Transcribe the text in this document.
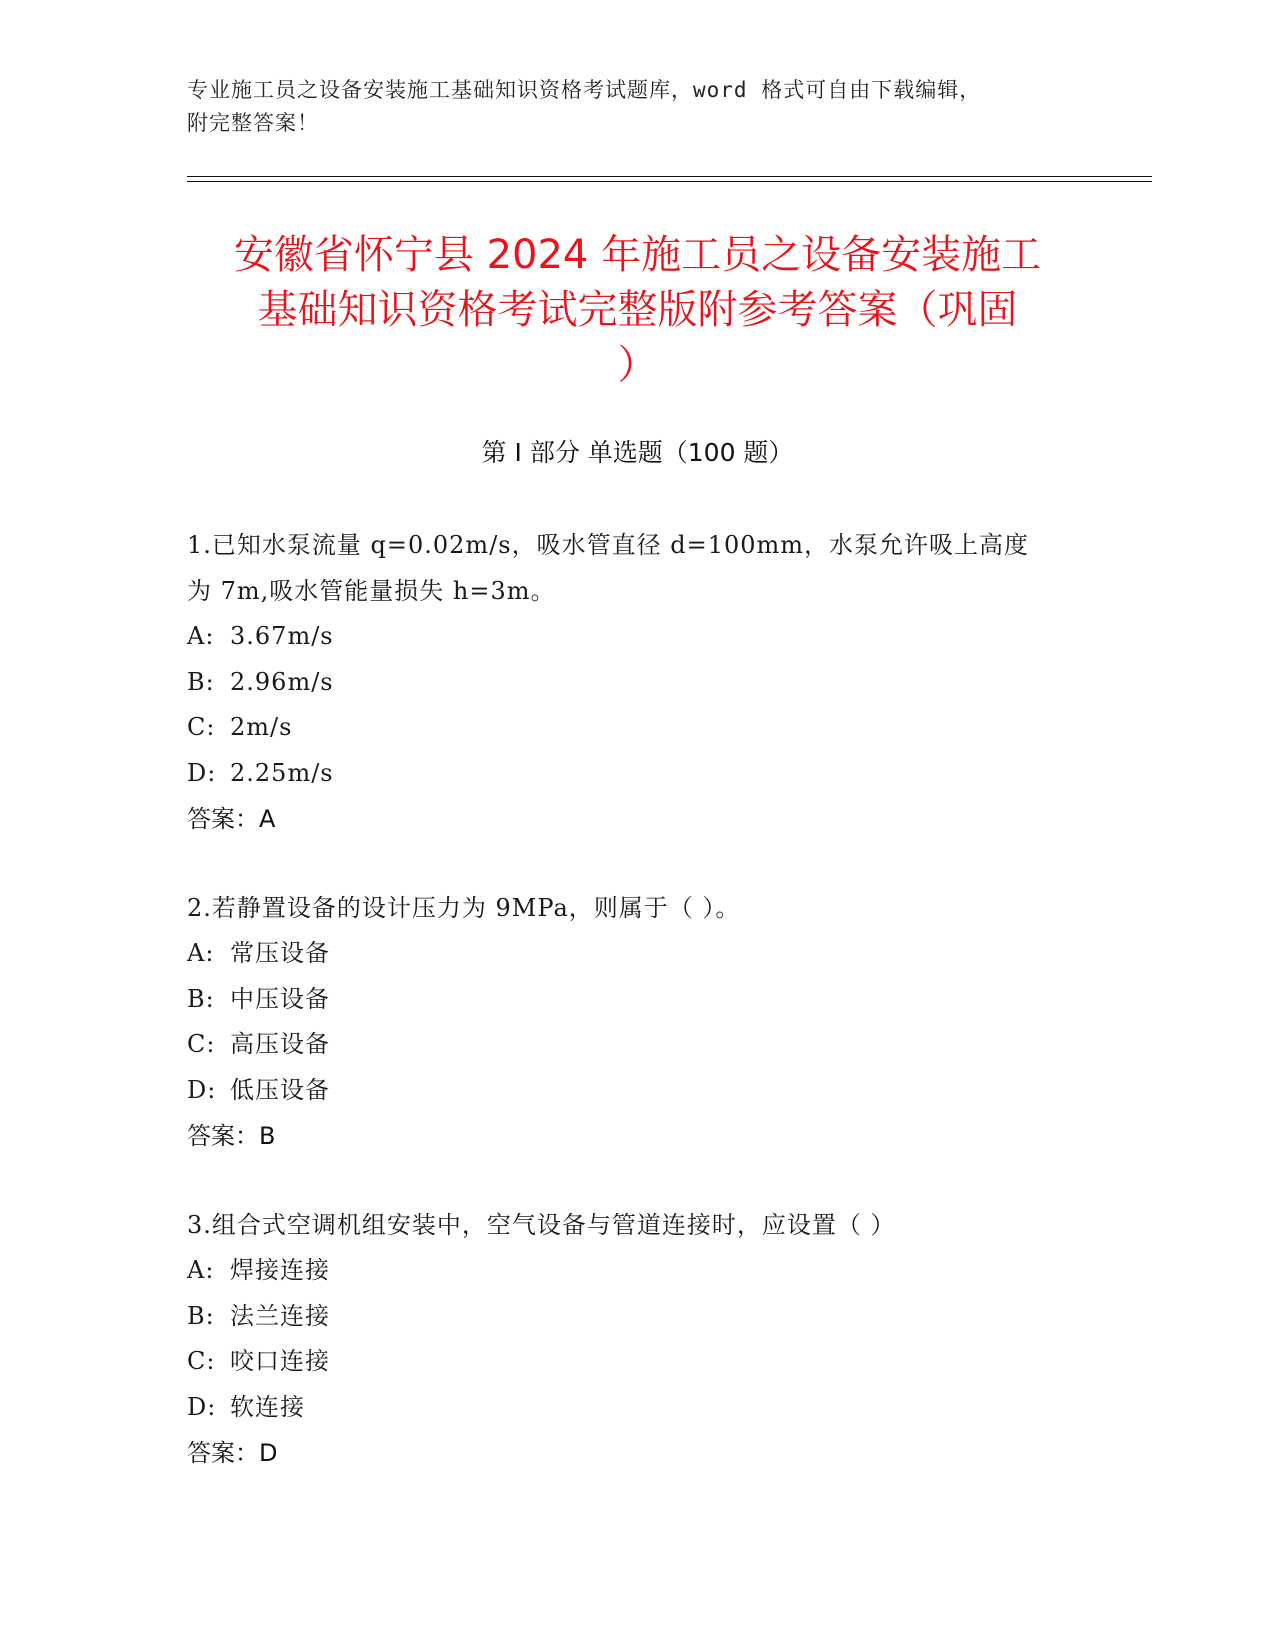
专业施工员之设备安装施工基础知识资格考试题库，word 格式可自由下载编辑，
附完整答案！
安徽省怀宁县 2024 年施工员之设备安装施工
基础知识资格考试完整版附参考答案（巩固
）
第 I 部分 单选题（100 题）
1.已知水泵流量 q=0.02m/s，吸水管直径 d=100mm，水泵允许吸上高度
为 7m,吸水管能量损失 h=3m。
A: 3.67m/s
B: 2.96m/s
C: 2m/s
D: 2.25m/s
答案：A
2.若静置设备的设计压力为 9MPa，则属于（ ）。
A: 常压设备
B: 中压设备
C: 高压设备
D: 低压设备
答案：B
3.组合式空调机组安装中，空气设备与管道连接时，应设置（ ）
A: 焊接连接
B: 法兰连接
C: 咬口连接
D: 软连接
答案：D
